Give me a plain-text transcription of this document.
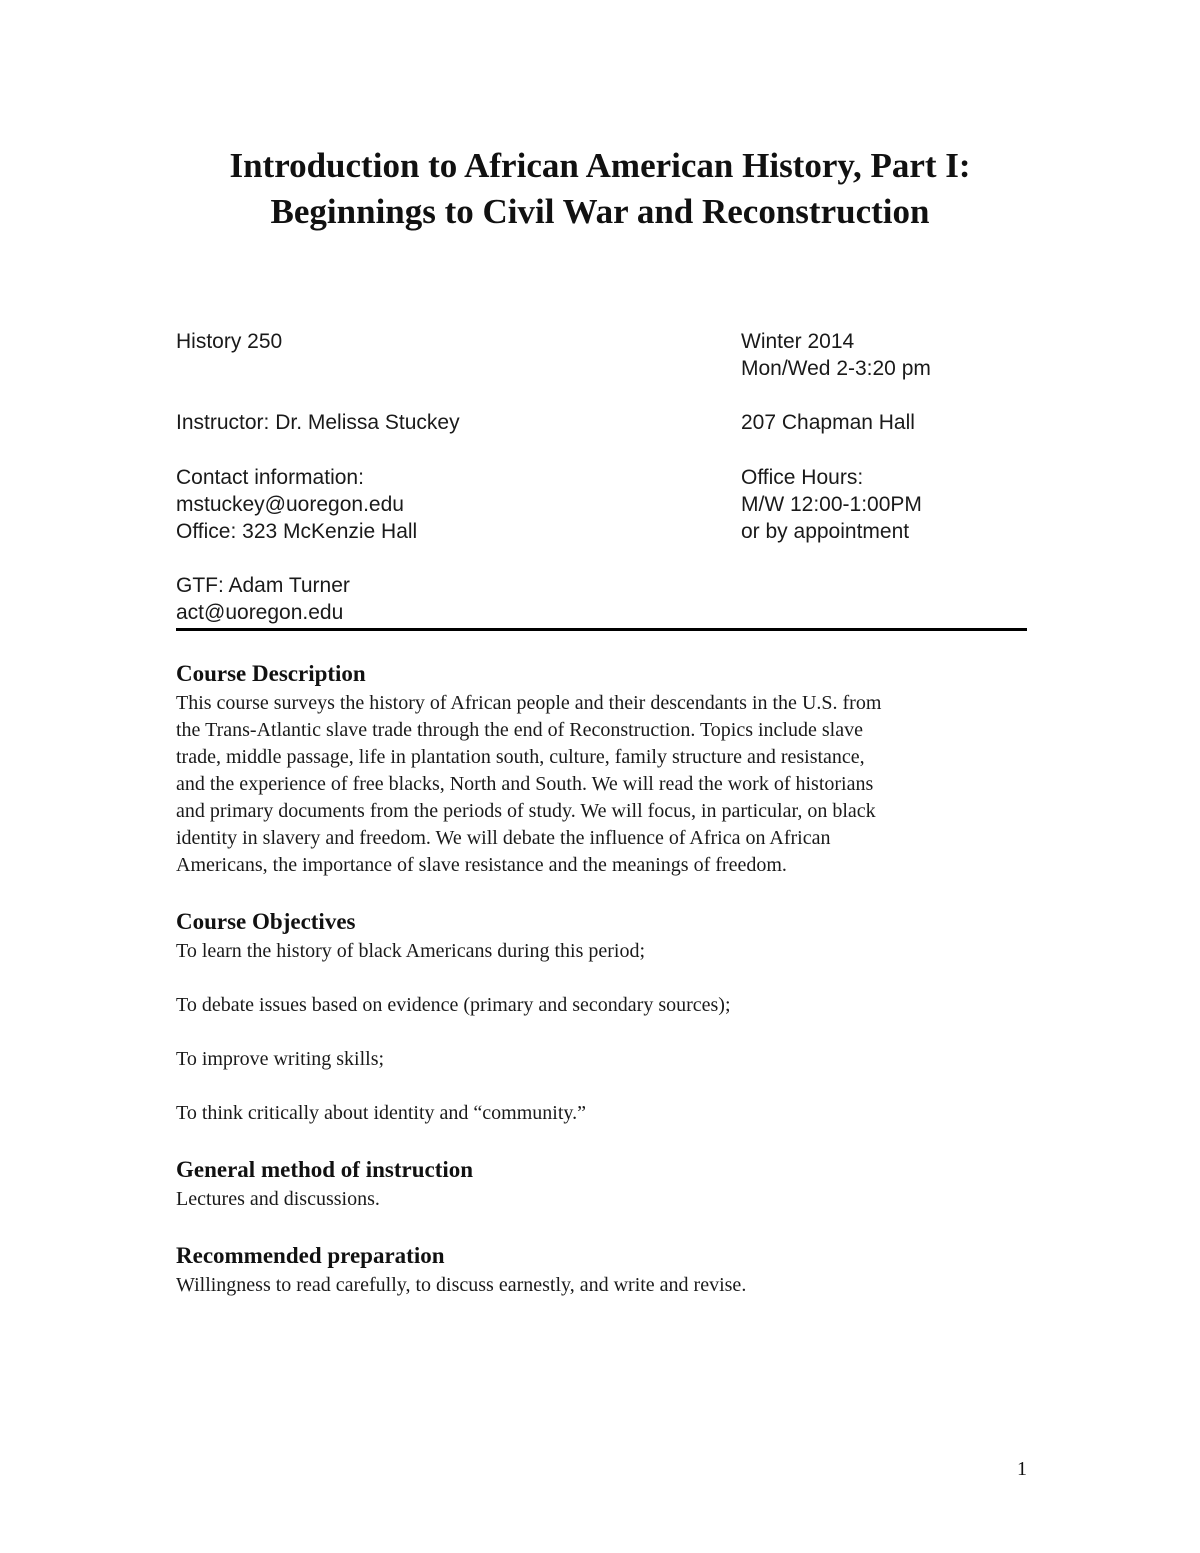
Introduction to African American History, Part I:
Beginnings to Civil War and Reconstruction
History 250	Winter 2014
Mon/Wed 2-3:20 pm
Instructor: Dr. Melissa Stuckey	207 Chapman Hall
Contact information:
mstuckey@uoregon.edu
Office: 323 McKenzie Hall
Office Hours:
M/W 12:00-1:00PM
or by appointment
GTF: Adam Turner
act@uoregon.edu
Course Description
This course surveys the history of African people and their descendants in the U.S. from
the Trans-Atlantic slave trade through the end of Reconstruction. Topics include slave
trade, middle passage, life in plantation south, culture, family structure and resistance,
and the experience of free blacks, North and South. We will read the work of historians
and primary documents from the periods of study. We will focus, in particular, on black
identity in slavery and freedom. We will debate the influence of Africa on African
Americans, the importance of slave resistance and the meanings of freedom.
Course Objectives
To learn the history of black Americans during this period;
To debate issues based on evidence (primary and secondary sources);
To improve writing skills;
To think critically about identity and “community.”
General method of instruction
Lectures and discussions.
Recommended preparation
Willingness to read carefully, to discuss earnestly, and write and revise.
1
